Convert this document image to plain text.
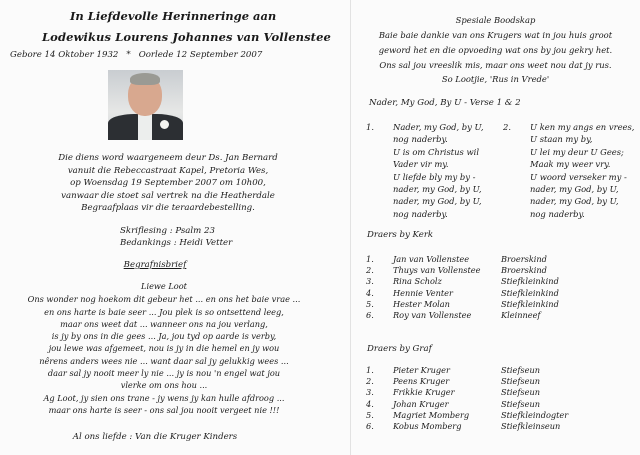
In Liefdevolle Herinneringe aan
Lodewikus Lourens Johannes van Vollenstee
Gebore 14 Oktober 1932 * Oorlede 12 September 2007
Die diens word waargeneem deur Ds. Jan Bernard
vanuit die Rebeccastraat Kapel, Pretoria Wes,
op Woensdag 19 September 2007 om 10h00,
vanwaar die stoet sal vertrek na die Heatherdale
Begraafplaas vir die teraardebestelling.
Skriflesing : Psalm 23
Bedankings : Heidi Vetter
Begrafnisbrief
Liewe Loot
Ons wonder nog hoekom dit gebeur het ... en ons het baie vrae ...
en ons harte is baie seer ... Jou plek is so ontsettend leeg,
maar ons weet dat ... wanneer ons na jou verlang,
is jy by ons in die gees ... Ja, jou tyd op aarde is verby,
jou lewe was afgemeet, nou is jy in die hemel en jy wou
nêrens anders wees nie ... want daar sal jy gelukkig wees ...
daar sal jy nooit meer ly nie ... jy is nou 'n engel wat jou
vlerke om ons hou ...
Ag Loot, jy sien ons trane - jy wens jy kan hulle afdroog ...
maar ons harte is seer - ons sal jou nooit vergeet nie !!!
Al ons liefde : Van die Kruger Kinders
Spesiale Boodskap
Baie baie dankie van ons Krugers wat in jou huis groot
geword het en die opvoeding wat ons by jou gekry het.
Ons sal jou vreeslik mis, maar ons weet nou dat jy rus.
So Lootjie, 'Rus in Vrede'
Nader, My God, By U - Verse 1 & 2
1. Nader, my God, by U,
nog naderby.
U is om Christus wil
Vader vir my.
U liefde bly my by -
nader, my God, by U,
nader, my God, by U,
nog naderby.
2. U ken my angs en vrees,
U staan my by,
U lei my deur U Gees;
Maak my weer vry.
U woord verseker my -
nader, my God, by U,
nader, my God, by U,
nog naderby.
Draers by Kerk
1. Jan van Vollenstee	Broerskind
2. Thuys van Vollenstee	Broerskind
3. Rina Scholz	Stiefkleinkind
4. Hennie Venter	Stiefkleinkind
5. Hester Molan	Stiefkleinkind
6. Roy van Vollenstee	Kleinneef
Draers by Graf
1. Pieter Kruger	Stiefseun
2. Peens Kruger	Stiefseun
3. Frikkie Kruger	Stiefseun
4. Johan Kruger	Stiefseun
5. Magriet Momberg	Stiefkleindogter
6. Kobus Momberg	Stiefkleinseun
